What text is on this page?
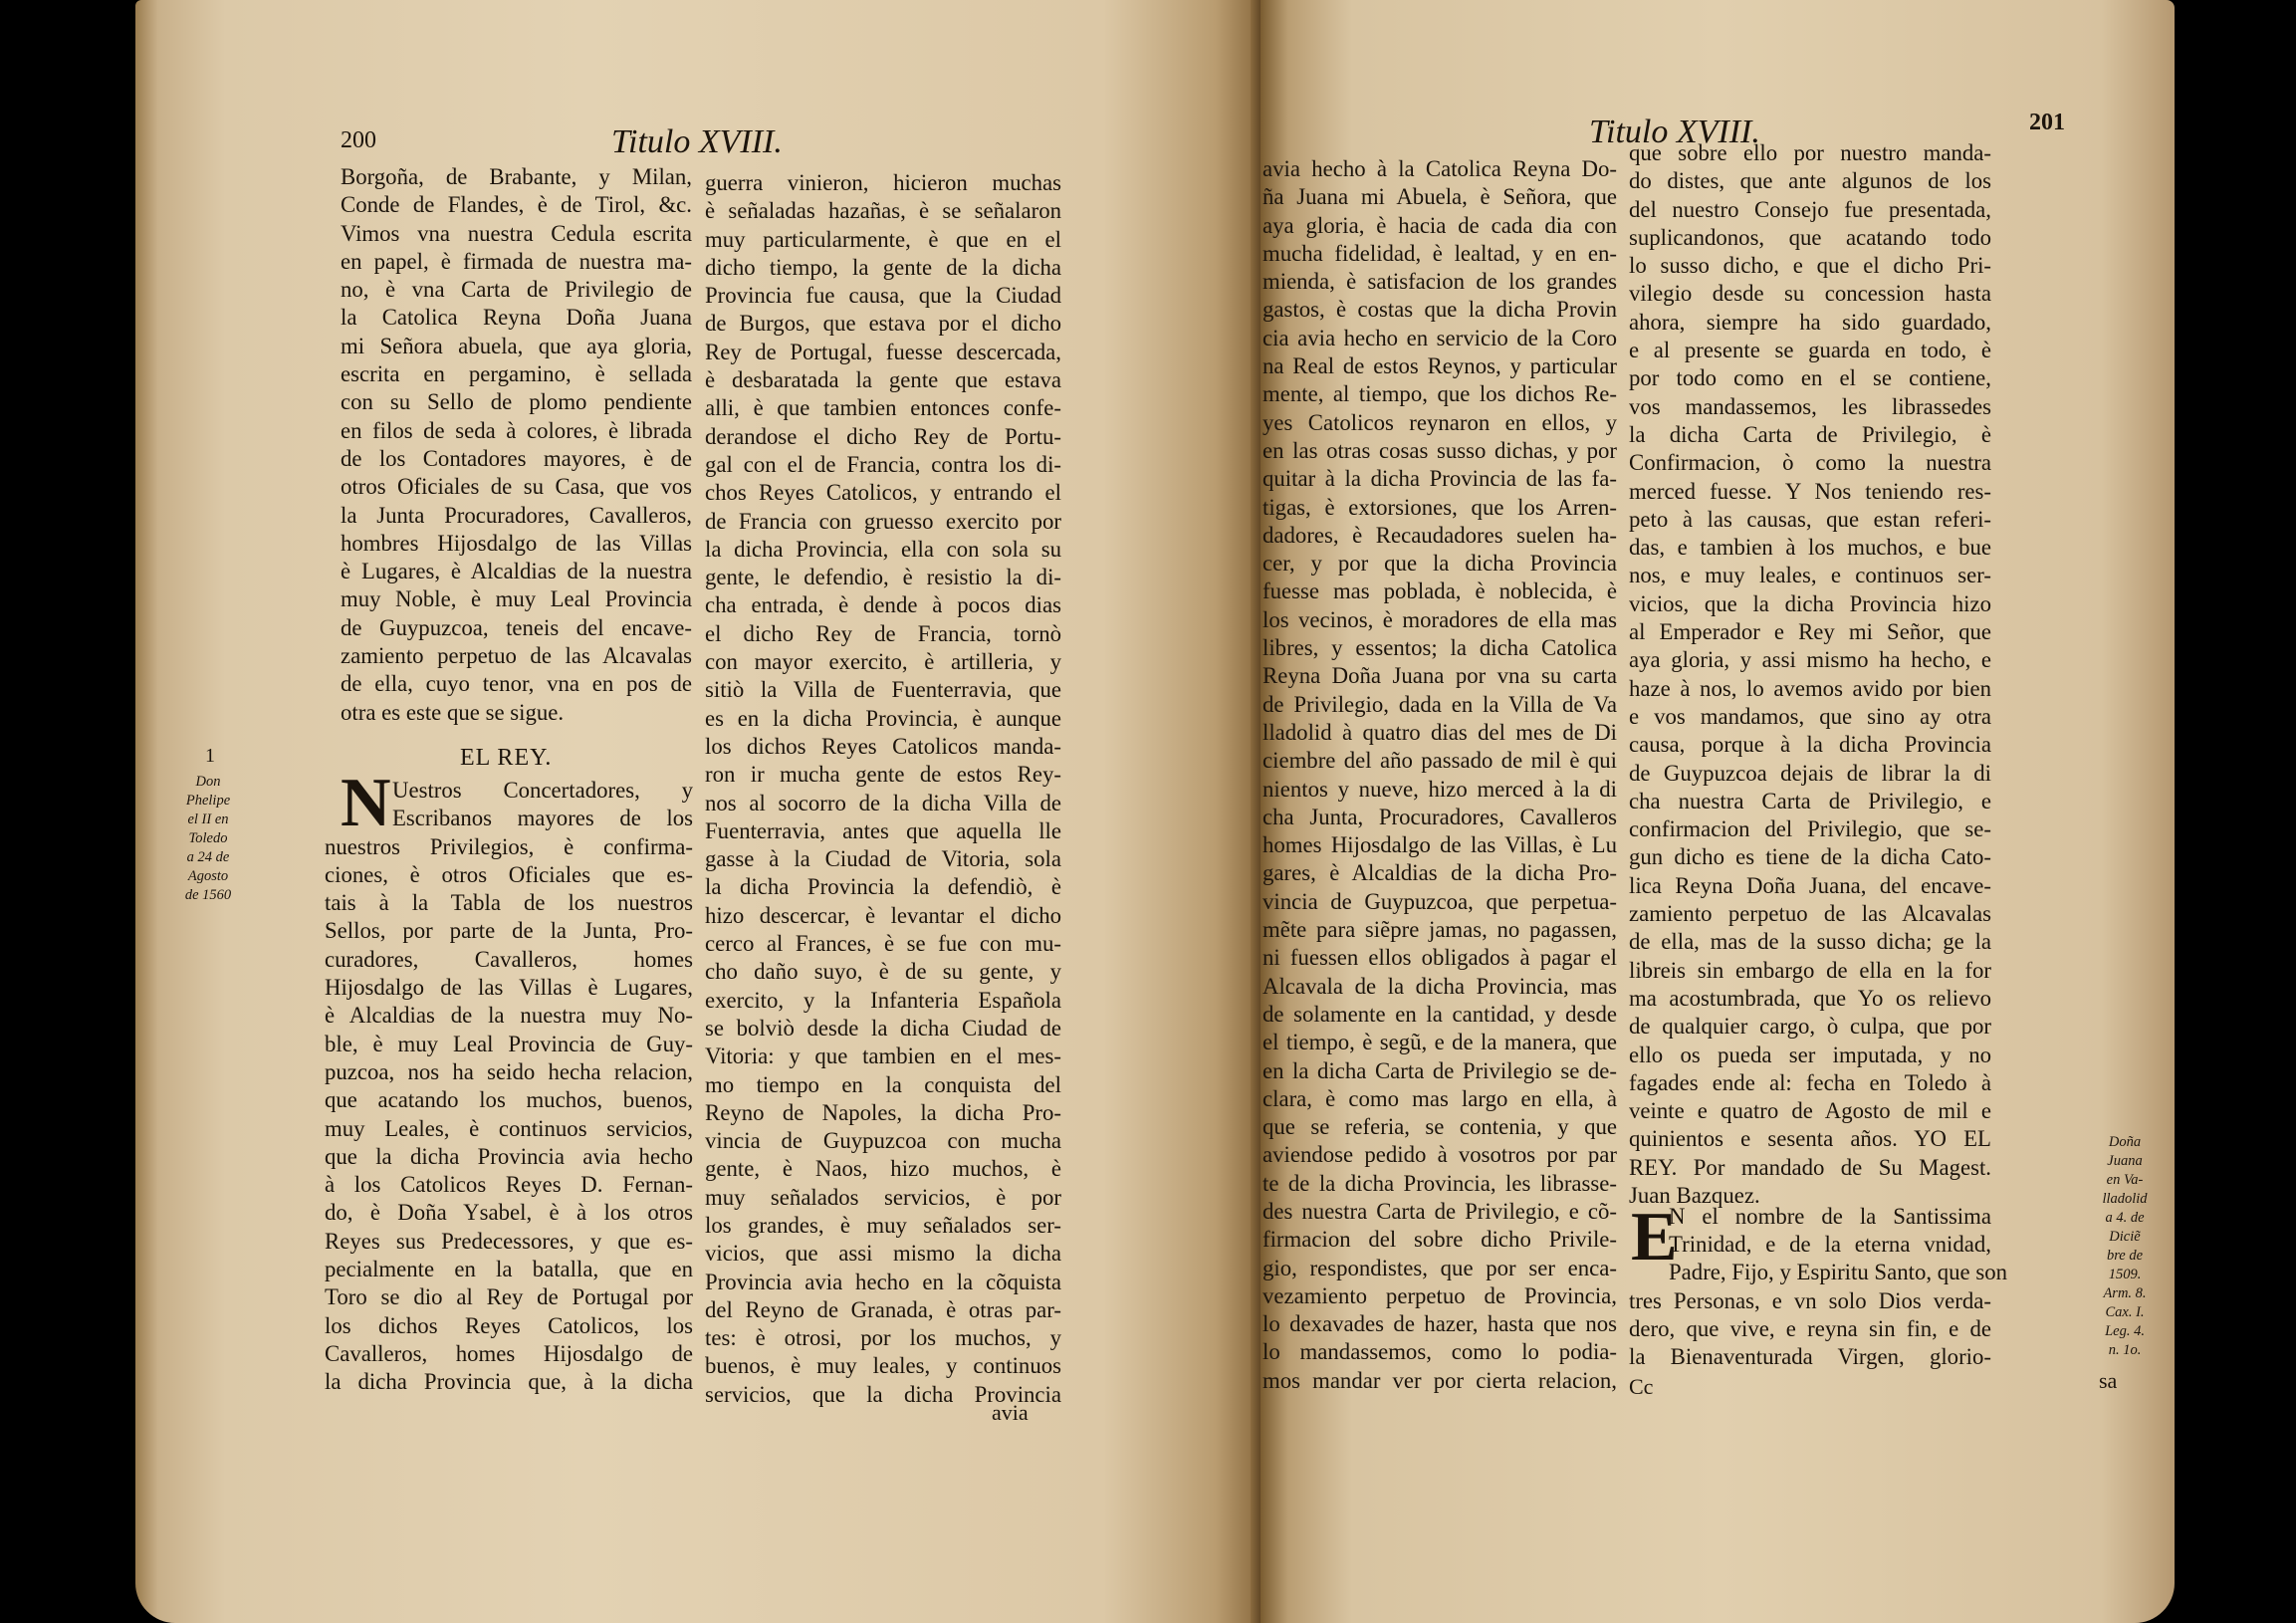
200	Titulo XVIII.
Borgoña, de Brabante, y Milan,
Conde de Flandes, è de Tirol, &c.
Vimos vna nuestra Cedula escrita
en papel, è firmada de nuestra ma-
no, è vna Carta de Privilegio de
la Catolica Reyna Doña Juana
mi Señora abuela, que aya gloria,
escrita en pergamino, è sellada
con su Sello de plomo pendiente
en filos de seda à colores, è librada
de los Contadores mayores, è de
otros Oficiales de su Casa, que vos
la Junta Procuradores, Cavalleros,
hombres Hijosdalgo de las Villas
è Lugares, è Alcaldias de la nuestra
muy Noble, è muy Leal Provincia
de Guypuzcoa, teneis del encave-
zamiento perpetuo de las Alcavalas
de ella, cuyo tenor, vna en pos de
otra es este que se sigue.
EL REY.
1
Don
Phelipe
el II en
Toledo
a 24 de
Agosto
de 1560
N Uestros Concertadores, y
Escribanos mayores de los
nuestros Privilegios, è confirma-
ciones, è otros Oficiales que es-
tais à la Tabla de los nuestros
Sellos, por parte de la Junta, Pro-
curadores, Cavalleros, homes
Hijosdalgo de las Villas è Lugares,
è Alcaldias de la nuestra muy No-
ble, è muy Leal Provincia de Guy-
puzcoa, nos ha seido hecha relacion,
que acatando los muchos, buenos,
muy Leales, è continuos servicios,
que la dicha Provincia avia hecho
à los Catolicos Reyes D. Fernan-
do, è Doña Ysabel, è à los otros
Reyes sus Predecessores, y que es-
pecialmente en la batalla, que en
Toro se dio al Rey de Portugal por
los dichos Reyes Catolicos, los
Cavalleros, homes Hijosdalgo de
la dicha Provincia que, à la dicha
guerra vinieron, hicieron muchas
è señaladas hazañas, è se señalaron
muy particularmente, è que en el
dicho tiempo, la gente de la dicha
Provincia fue causa, que la Ciudad
de Burgos, que estava por el dicho
Rey de Portugal, fuesse descercada,
è desbaratada la gente que estava
alli, è que tambien entonces confe-
derandose el dicho Rey de Portu-
gal con el de Francia, contra los di-
chos Reyes Catolicos, y entrando el
de Francia con gruesso exercito por
la dicha Provincia, ella con sola su
gente, le defendio, è resistio la di-
cha entrada, è dende à pocos dias
el dicho Rey de Francia, tornò
con mayor exercito, è artilleria, y
sitiò la Villa de Fuenterravia, que
es en la dicha Provincia, è aunque
los dichos Reyes Catolicos manda-
ron ir mucha gente de estos Rey-
nos al socorro de la dicha Villa de
Fuenterravia, antes que aquella lle
gasse à la Ciudad de Vitoria, sola
la dicha Provincia la defendiò, è
hizo descercar, è levantar el dicho
cerco al Frances, è se fue con mu-
cho daño suyo, è de su gente, y
exercito, y la Infanteria Española
se bolviò desde la dicha Ciudad de
Vitoria: y que tambien en el mes-
mo tiempo en la conquista del
Reyno de Napoles, la dicha Pro-
vincia de Guypuzcoa con mucha
gente, è Naos, hizo muchos, è
muy señalados servicios, è por
los grandes, è muy señalados ser-
vicios, que assi mismo la dicha
Provincia avia hecho en la cõquista
del Reyno de Granada, è otras par-
tes: è otrosi, por los muchos, y
buenos, è muy leales, y continuos
servicios, que la dicha Provincia
avia
Titulo XVIII.	201
avia hecho à la Catolica Reyna Do-
ña Juana mi Abuela, è Señora, que
aya gloria, è hacia de cada dia con
mucha fidelidad, è lealtad, y en en-
mienda, è satisfacion de los grandes
gastos, è costas que la dicha Provin
cia avia hecho en servicio de la Coro
na Real de estos Reynos, y particular
mente, al tiempo, que los dichos Re-
yes Catolicos reynaron en ellos, y
en las otras cosas susso dichas, y por
quitar à la dicha Provincia de las fa-
tigas, è extorsiones, que los Arren-
dadores, è Recaudadores suelen ha-
cer, y por que la dicha Provincia
fuesse mas poblada, è noblecida, è
los vecinos, è moradores de ella mas
libres, y essentos; la dicha Catolica
Reyna Doña Juana por vna su carta
de Privilegio, dada en la Villa de Va
lladolid à quatro dias del mes de Di
ciembre del año passado de mil è qui
nientos y nueve, hizo merced à la di
cha Junta, Procuradores, Cavalleros
homes Hijosdalgo de las Villas, è Lu
gares, è Alcaldias de la dicha Pro-
vincia de Guypuzcoa, que perpetua-
mẽte para siẽpre jamas, no pagassen,
ni fuessen ellos obligados à pagar el
Alcavala de la dicha Provincia, mas
de solamente en la cantidad, y desde
el tiempo, è segũ, e de la manera, que
en la dicha Carta de Privilegio se de-
clara, è como mas largo en ella, à
que se referia, se contenia, y que
aviendose pedido à vosotros por par
te de la dicha Provincia, les librasse-
des nuestra Carta de Privilegio, e cõ-
firmacion del sobre dicho Privile-
gio, respondistes, que por ser enca-
vezamiento perpetuo de Provincia,
lo dexavades de hazer, hasta que nos
lo mandassemos, como lo podia-
mos mandar ver por cierta relacion,
que sobre ello por nuestro manda-
do distes, que ante algunos de los
del nuestro Consejo fue presentada,
suplicandonos, que acatando todo
lo susso dicho, e que el dicho Pri-
vilegio desde su concession hasta
ahora, siempre ha sido guardado,
e al presente se guarda en todo, è
por todo como en el se contiene,
vos mandassemos, les librassedes
la dicha Carta de Privilegio, è
Confirmacion, ò como la nuestra
merced fuesse. Y Nos teniendo res-
peto à las causas, que estan referi-
das, e tambien à los muchos, e bue
nos, e muy leales, e continuos ser-
vicios, que la dicha Provincia hizo
al Emperador e Rey mi Señor, que
aya gloria, y assi mismo ha hecho, e
haze à nos, lo avemos avido por bien
e vos mandamos, que sino ay otra
causa, porque à la dicha Provincia
de Guypuzcoa dejais de librar la di
cha nuestra Carta de Privilegio, e
confirmacion del Privilegio, que se-
gun dicho es tiene de la dicha Cato-
lica Reyna Doña Juana, del encave-
zamiento perpetuo de las Alcavalas
de ella, mas de la susso dicha; ge la
libreis sin embargo de ella en la for
ma acostumbrada, que Yo os relievo
de qualquier cargo, ò culpa, que por
ello os pueda ser imputada, y no
fagades ende al: fecha en Toledo à
veinte e quatro de Agosto de mil e
quinientos e sesenta años. YO EL
REY. Por mandado de Su Magest.
Juan Bazquez.
E
N el nombre de la Santissima
Trinidad, e de la eterna vnidad,
Padre, Fijo, y Espiritu Santo, que son
tres Personas, e vn solo Dios verda-
dero, que vive, e reyna sin fin, e de
la Bienaventurada Virgen, glorio-
Doña
Juana
en Va-
lladolid
a 4. de
Diciẽ
bre de
1509.
Arm. 8.
Cax. I.
Leg. 4.
n. 1o.
Cc	sa
